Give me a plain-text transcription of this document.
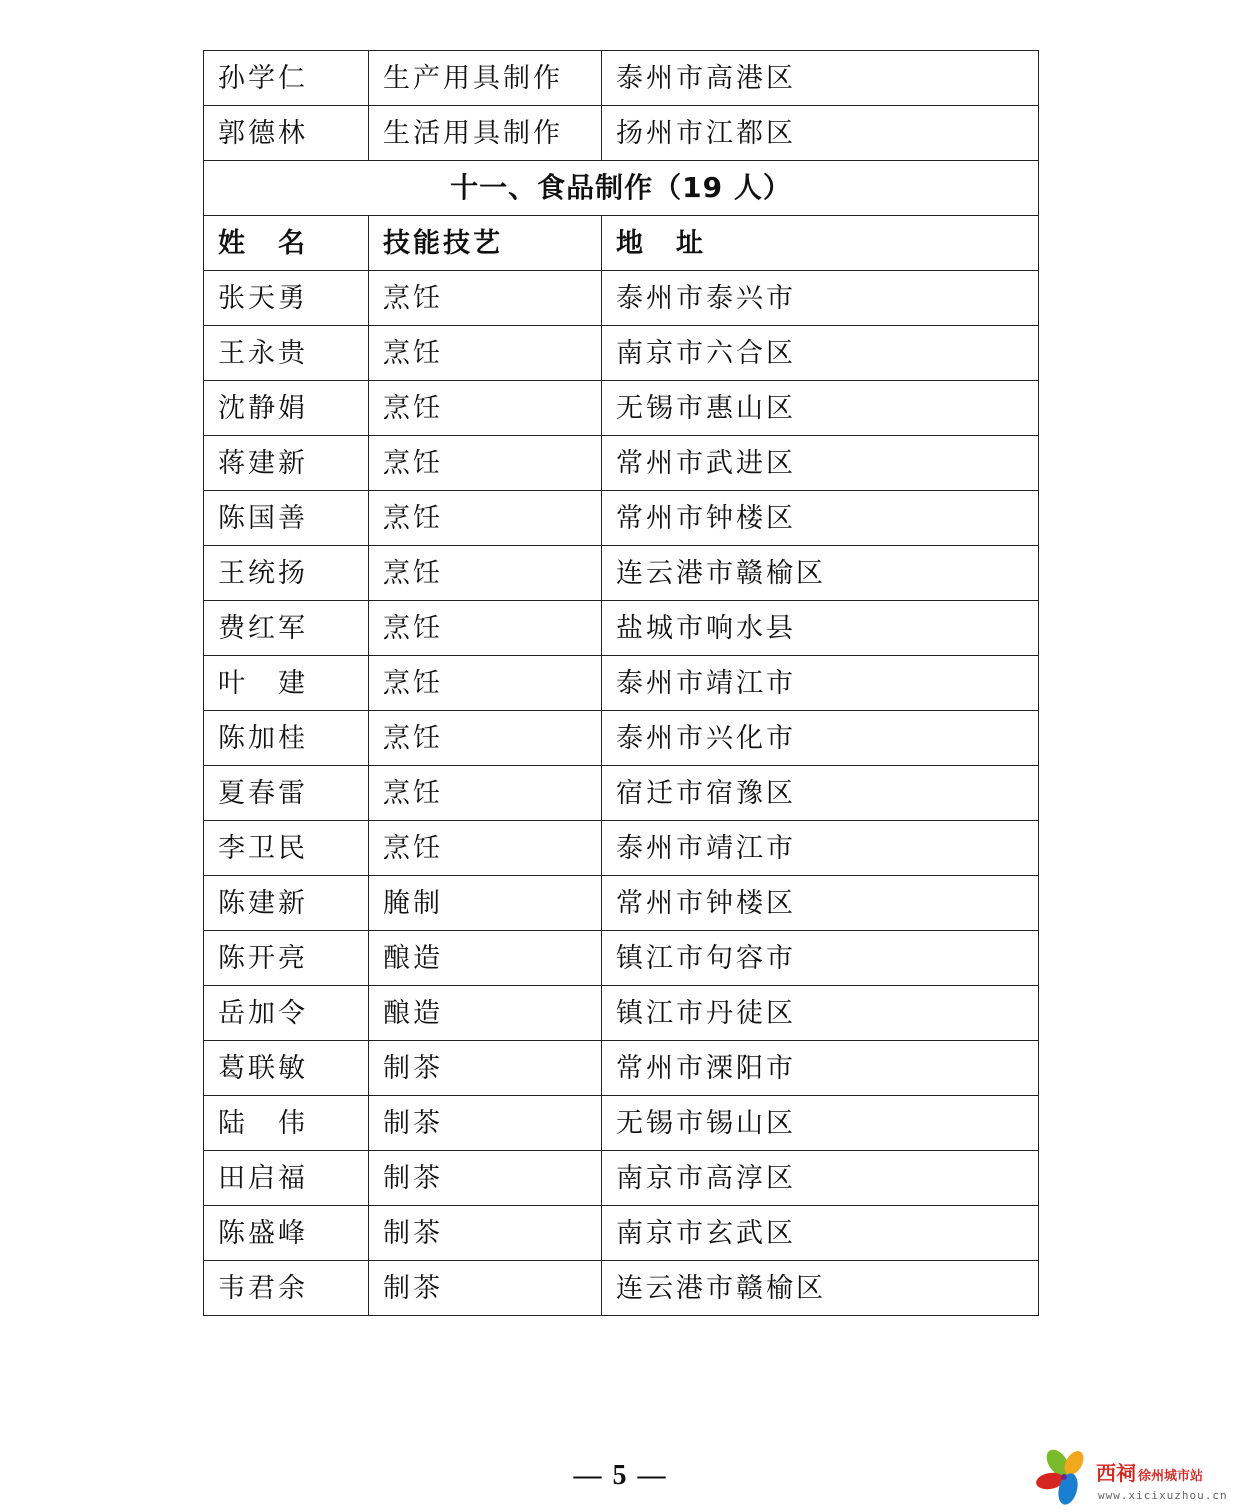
孙学仁	生产用具制作	泰州市高港区
郭德林	生活用具制作	扬州市江都区
十一、食品制作（19 人）		
姓　名	技能技艺	地　址
张天勇	烹饪	泰州市泰兴市
王永贵	烹饪	南京市六合区
沈静娟	烹饪	无锡市惠山区
蒋建新	烹饪	常州市武进区
陈国善	烹饪	常州市钟楼区
王统扬	烹饪	连云港市赣榆区
费红军	烹饪	盐城市响水县
叶　建	烹饪	泰州市靖江市
陈加桂	烹饪	泰州市兴化市
夏春雷	烹饪	宿迁市宿豫区
李卫民	烹饪	泰州市靖江市
陈建新	腌制	常州市钟楼区
陈开亮	酿造	镇江市句容市
岳加令	酿造	镇江市丹徒区
葛联敏	制茶	常州市溧阳市
陆　伟	制茶	无锡市锡山区
田启福	制茶	南京市高淳区
陈盛峰	制茶	南京市玄武区
韦君余	制茶	连云港市赣榆区
— 5 —	西祠 徐州城市站
www.xicixuzhou.cn
